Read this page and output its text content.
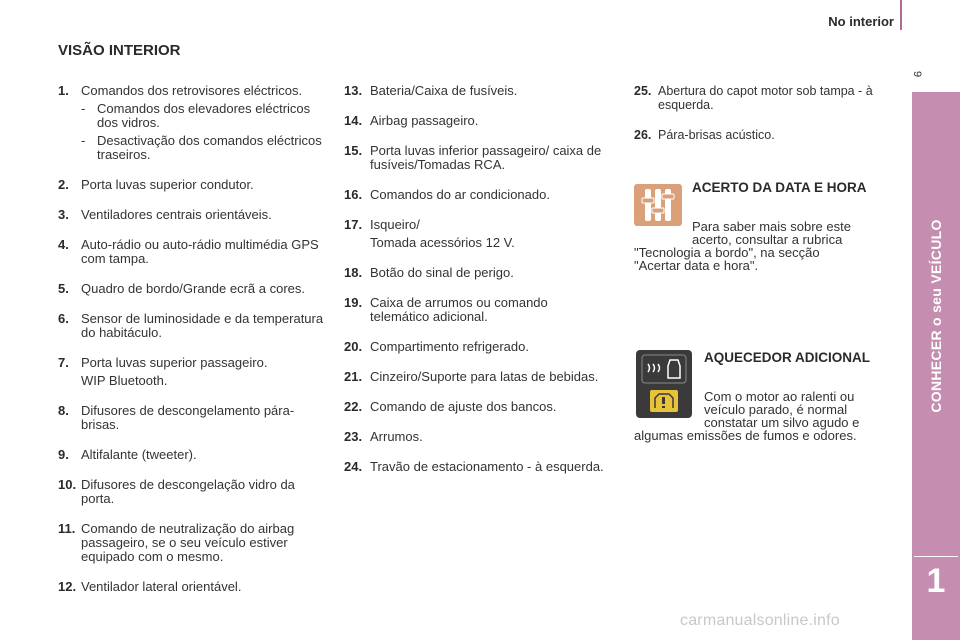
No interior
9
CONHECER o seu VEÍCULO
1
VISÃO INTERIOR
1. Comandos dos retrovisores eléctricos.
- Comandos dos elevadores eléctricos dos vidros.
- Desactivação dos comandos eléctricos traseiros.
2. Porta luvas superior condutor.
3. Ventiladores centrais orientáveis.
4. Auto-rádio ou auto-rádio multimédia GPS com tampa.
5. Quadro de bordo/Grande ecrã a cores.
6. Sensor de luminosidade e da temperatura do habitáculo.
7. Porta luvas superior passageiro.
WIP Bluetooth.
8. Difusores de descongelamento pára-brisas.
9. Altifalante (tweeter).
10. Difusores de descongelação vidro da porta.
11. Comando de neutralização do airbag passageiro, se o seu veículo estiver equipado com o mesmo.
12. Ventilador lateral orientável.
13. Bateria/Caixa de fusíveis.
14. Airbag passageiro.
15. Porta luvas inferior passageiro/ caixa de fusíveis/Tomadas RCA.
16. Comandos do ar condicionado.
17. Isqueiro/
Tomada acessórios 12 V.
18. Botão do sinal de perigo.
19. Caixa de arrumos ou comando telemático adicional.
20. Compartimento refrigerado.
21. Cinzeiro/Suporte para latas de bebidas.
22. Comando de ajuste dos bancos.
23. Arrumos.
24. Travão de estacionamento - à esquerda.
25. Abertura do capot motor sob tampa - à esquerda.
26. Pára-brisas acústico.
ACERTO DA DATA E HORA
Para saber mais sobre este
acerto, consultar a rubrica
"Tecnologia a bordo", na secção
"Acertar data e hora".
AQUECEDOR ADICIONAL
Com o motor ao ralenti ou
veículo parado, é normal
constatar um silvo agudo e
algumas emissões de fumos e odores.
carmanualsonline.info
